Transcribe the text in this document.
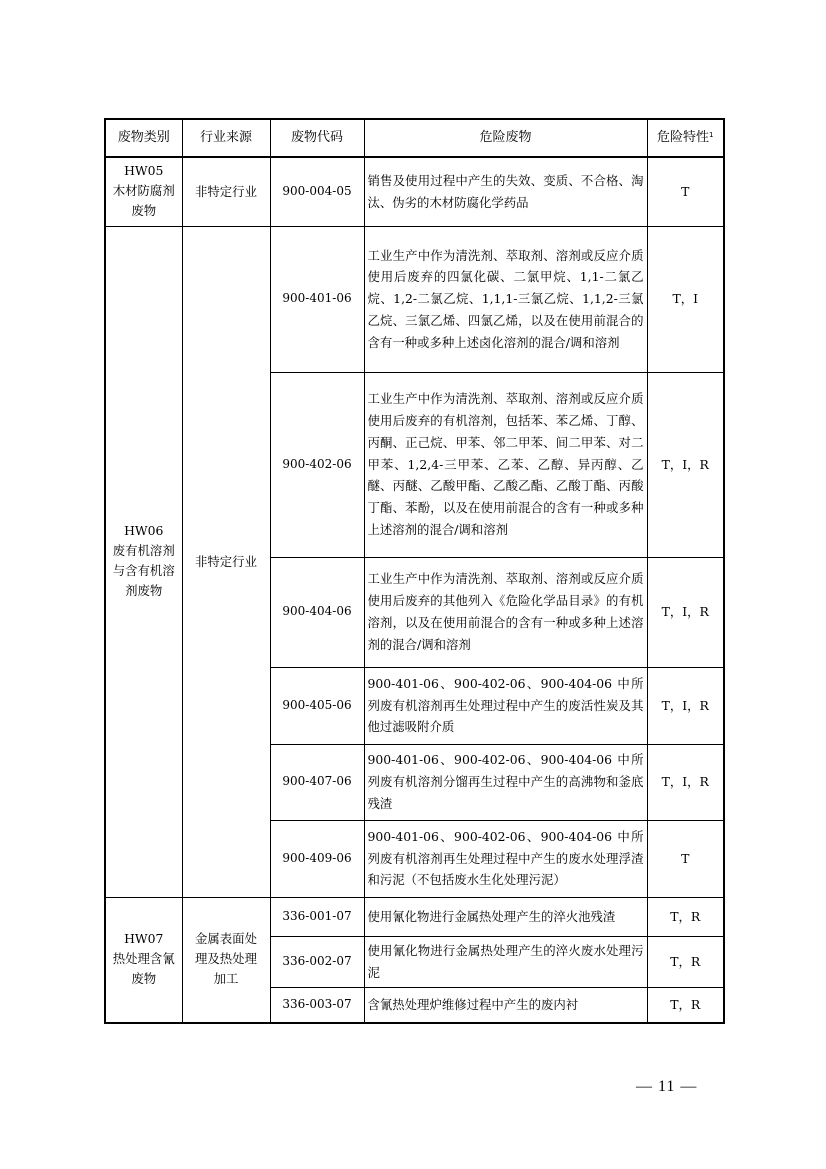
废物类别	行业来源	废物代码	危险废物	危险特性$^1$
HW05
木材防腐剂
废物	非特定行业	900-004-05	销售及使用过程中产生的失效、变质、不合格、淘汰、伪劣的木材防腐化学药品	T
HW06
废有机溶剂
与含有机溶
剂废物	非特定行业	900-401-06	工业生产中作为清洗剂、萃取剂、溶剂或反应介质使用后废弃的四氯化碳、二氯甲烷、1,1-二氯乙烷、1,2-二氯乙烷、1,1,1-三氯乙烷、1,1,2-三氯乙烷、三氯乙烯、四氯乙烯，以及在使用前混合的含有一种或多种上述卤化溶剂的混合/调和溶剂	T，I
		900-402-06	工业生产中作为清洗剂、萃取剂、溶剂或反应介质使用后废弃的有机溶剂，包括苯、苯乙烯、丁醇、丙酮、正己烷、甲苯、邻二甲苯、间二甲苯、对二甲苯、1,2,4-三甲苯、乙苯、乙醇、异丙醇、乙醚、丙醚、乙酸甲酯、乙酸乙酯、乙酸丁酯、丙酸丁酯、苯酚，以及在使用前混合的含有一种或多种上述溶剂的混合/调和溶剂	T，I，R
		900-404-06	工业生产中作为清洗剂、萃取剂、溶剂或反应介质使用后废弃的其他列入《危险化学品目录》的有机溶剂，以及在使用前混合的含有一种或多种上述溶剂的混合/调和溶剂	T，I，R
		900-405-06	900-401-06、900-402-06、900-404-06 中所列废有机溶剂再生处理过程中产生的废活性炭及其他过滤吸附介质	T，I，R
		900-407-06	900-401-06、900-402-06、900-404-06 中所列废有机溶剂分馏再生过程中产生的高沸物和釜底残渣	T，I，R
		900-409-06	900-401-06、900-402-06、900-404-06 中所列废有机溶剂再生处理过程中产生的废水处理浮渣和污泥（不包括废水生化处理污泥）	T
HW07
热处理含氰
废物	金属表面处
理及热处理
加工	336-001-07	使用氰化物进行金属热处理产生的淬火池残渣	T，R
		336-002-07	使用氰化物进行金属热处理产生的淬火废水处理污泥	T，R
		336-003-07	含氰热处理炉维修过程中产生的废内衬	T，R
— 11 —
